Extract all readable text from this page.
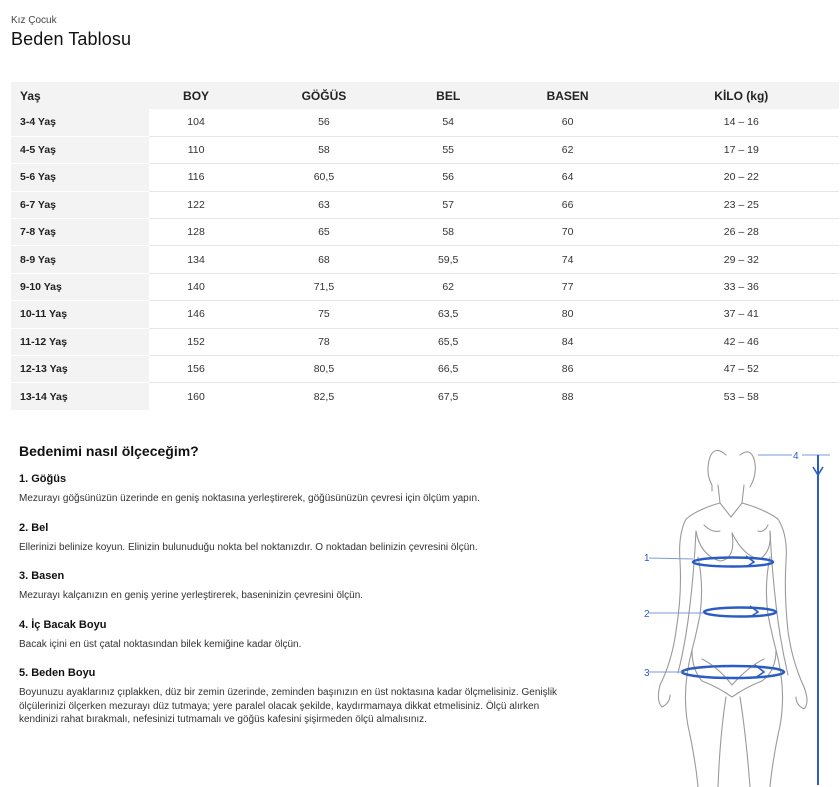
Kız Çocuk
Beden Tablosu
Yaş	BOY	GÖĞÜS	BEL	BASEN	KİLO (kg)
3-4 Yaş	104	56	54	60	14 – 16
4-5 Yaş	110	58	55	62	17 – 19
5-6 Yaş	116	60,5	56	64	20 – 22
6-7 Yaş	122	63	57	66	23 – 25
7-8 Yaş	128	65	58	70	26 – 28
8-9 Yaş	134	68	59,5	74	29 – 32
9-10 Yaş	140	71,5	62	77	33 – 36
10-11 Yaş	146	75	63,5	80	37 – 41
11-12 Yaş	152	78	65,5	84	42 – 46
12-13 Yaş	156	80,5	66,5	86	47 – 52
13-14 Yaş	160	82,5	67,5	88	53 – 58
Bedenimi nasıl ölçeceğim?
1. Göğüs

Mezurayı göğsünüzün üzerinde en geniş noktasına yerleştirerek, göğüsünüzün çevresi için ölçüm yapın.

2. Bel

Ellerinizi belinize koyun. Elinizin bulunuduğu nokta bel noktanızdır. O noktadan belinizin çevresini ölçün.

3. Basen

Mezurayı kalçanızın en geniş yerine yerleştirerek, baseninizin çevresini ölçün.

4. İç Bacak Boyu

Bacak içini en üst çatal noktasından bilek kemiğine kadar ölçün.

5. Beden Boyu

Boyunuzu ayaklarınız çıplakken, düz bir zemin üzerinde, zeminden başınızın en üst noktasına kadar ölçmelisiniz. Genişlik ölçülerinizi ölçerken mezurayı düz tutmaya; yere paralel olacak şekilde, kaydırmamaya dikkat etmelisiniz. Ölçü alırken kendinizi rahat bırakmalı, nefesinizi tutmamalı ve göğüs kafesini şişirmeden ölçü almalısınız.

1
2
3
4
